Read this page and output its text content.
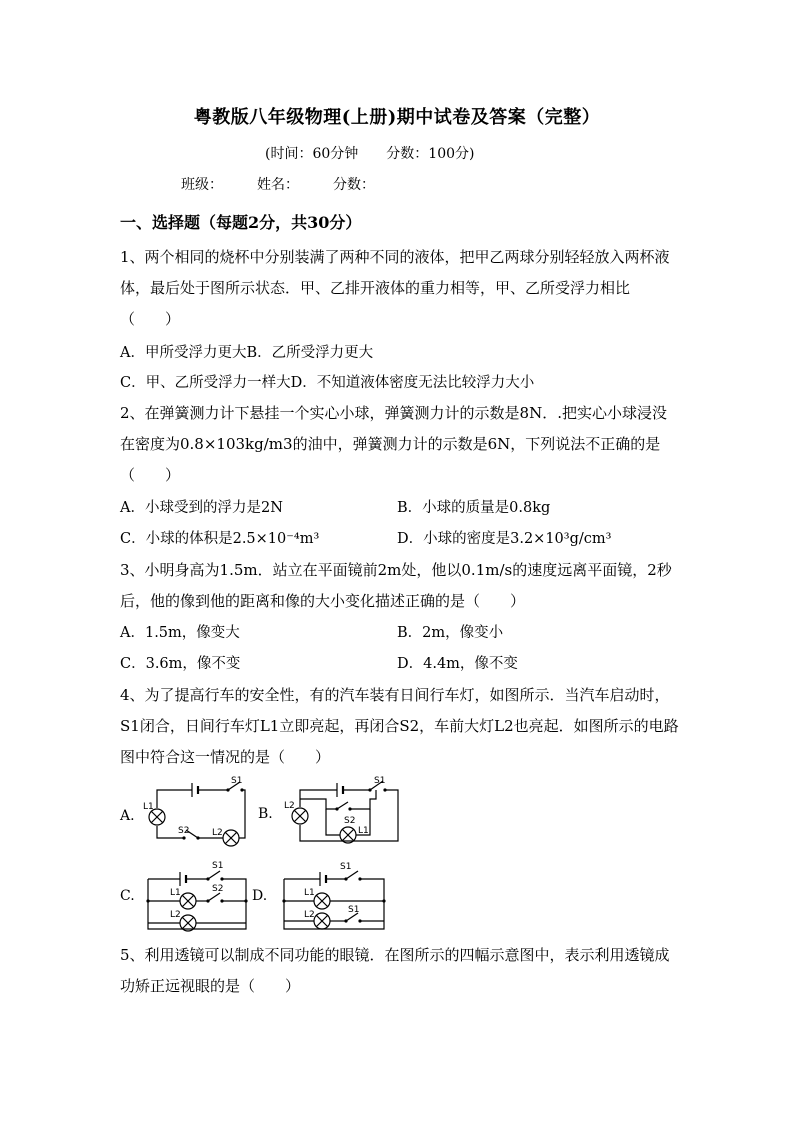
粤教版八年级物理(上册)期中试卷及答案（完整）
(时间：60分钟 分数：100分)
班级： 姓名： 分数：
一、选择题（每题2分，共30分）
1、两个相同的烧杯中分别装满了两种不同的液体，把甲乙两球分别轻轻放入两杯液体，最后处于图所示状态．甲、乙排开液体的重力相等，甲、乙所受浮力相比（　　）
A．甲所受浮力更大B．乙所受浮力更大
C．甲、乙所受浮力一样大D．不知道液体密度无法比较浮力大小
2、在弹簧测力计下悬挂一个实心小球，弹簧测力计的示数是8N．.把实心小球浸没在密度为0.8×103kg/m3的油中，弹簧测力计的示数是6N，下列说法不正确的是（　　）
A．小球受到的浮力是2N	B．小球的质量是0.8kg
C．小球的体积是2.5×10⁻⁴m³	D．小球的密度是3.2×10³g/cm³
3、小明身高为1.5m．站立在平面镜前2m处，他以0.1m/s的速度远离平面镜，2秒后，他的像到他的距离和像的大小变化描述正确的是（　　）
A．1.5m，像变大	B．2m，像变小
C．3.6m，像不变	D．4.4m，像不变
4、为了提高行车的安全性，有的汽车装有日间行车灯，如图所示．当汽车启动时，S1闭合，日间行车灯L1立即亮起，再闭合S2，车前大灯L2也亮起．如图所示的电路图中符合这一情况的是（　　）
A.
S1
L1
S2	L2
B.
S1
L2
S2
L1
C.
S1
L1	S2
L2
D.
S1
L1
S1
L2
5、利用透镜可以制成不同功能的眼镜．在图所示的四幅示意图中，表示利用透镜成功矫正远视眼的是（　　）
